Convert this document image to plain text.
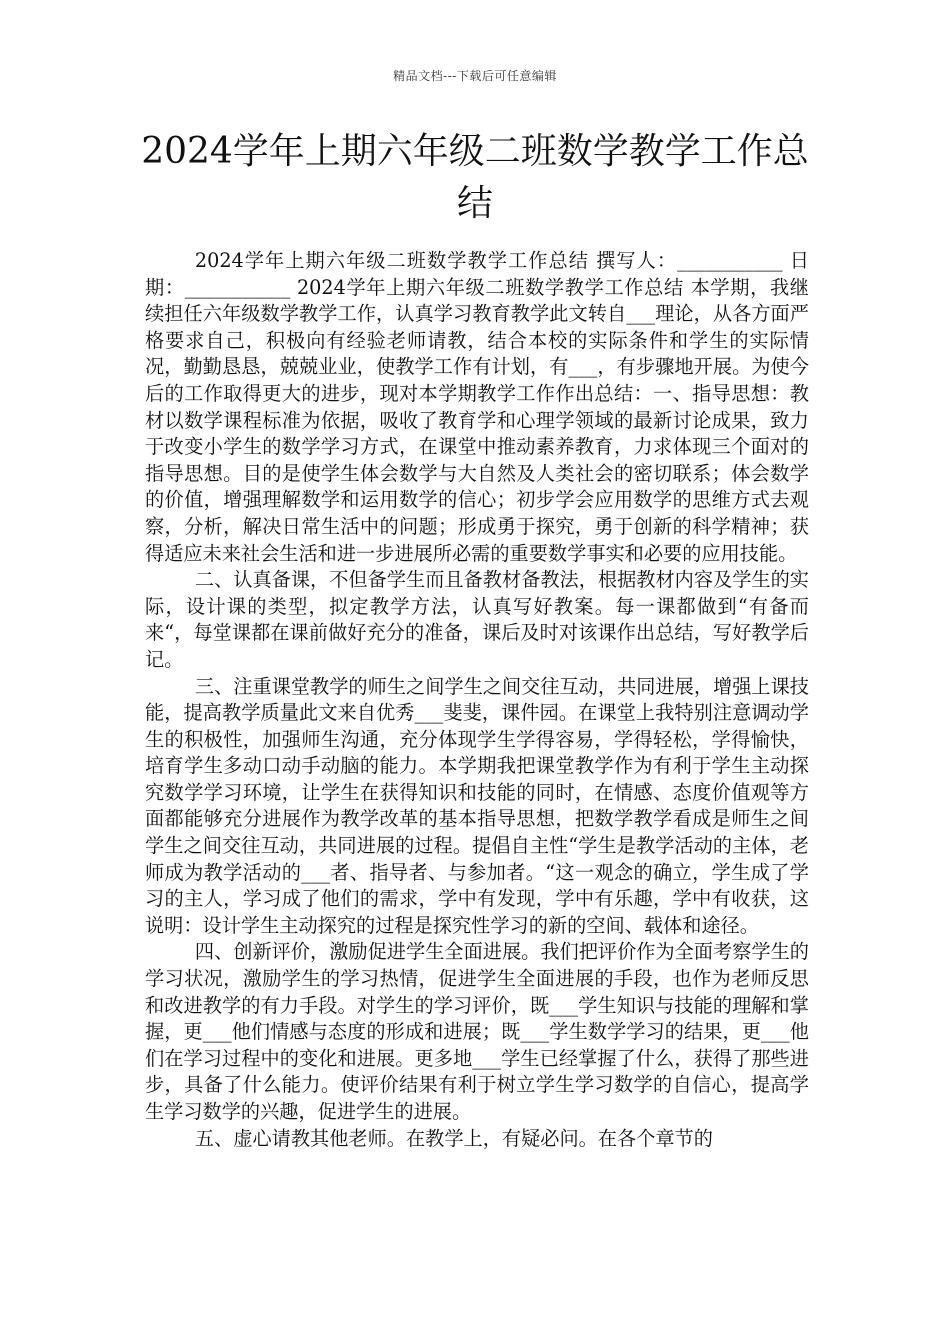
精品文档---下载后可任意编辑
2024学年上期六年级二班数学教学工作总结

2024学年上期六年级二班数学教学工作总结 撰写人：___________ 日 期：___________ 2024学年上期六年级二班数学教学工作总结 本学期，我继续担任六年级数学教学工作，认真学习教育教学此文转自___理论，从各方面严格要求自己，积极向有经验老师请教，结合本校的实际条件和学生的实际情况，勤勤恳恳，兢兢业业，使教学工作有计划，有___，有步骤地开展。为使今后的工作取得更大的进步，现对本学期教学工作作出总结：一、指导思想：教材以数学课程标准为依据，吸收了教育学和心理学领域的最新讨论成果，致力于改变小学生的数学学习方式，在课堂中推动素养教育，力求体现三个面对的指导思想。目的是使学生体会数学与大自然及人类社会的密切联系；体会数学的价值，增强理解数学和运用数学的信心；初步学会应用数学的思维方式去观察，分析，解决日常生活中的问题；形成勇于探究，勇于创新的科学精神；获得适应未来社会生活和进一步进展所必需的重要数学事实和必要的应用技能。

二、认真备课，不但备学生而且备教材备教法，根据教材内容及学生的实际，设计课的类型，拟定教学方法，认真写好教案。每一课都做到“有备而来“，每堂课都在课前做好充分的准备，课后及时对该课作出总结，写好教学后记。

三、注重课堂教学的师生之间学生之间交往互动，共同进展，增强上课技能，提高教学质量此文来自优秀___斐斐，课件园。在课堂上我特别注意调动学生的积极性，加强师生沟通，充分体现学生学得容易，学得轻松，学得愉快，培育学生多动口动手动脑的能力。本学期我把课堂教学作为有利于学生主动探究数学学习环境，让学生在获得知识和技能的同时，在情感、态度价值观等方面都能够充分进展作为教学改革的基本指导思想，把数学教学看成是师生之间学生之间交往互动，共同进展的过程。提倡自主性“学生是教学活动的主体，老师成为教学活动的___者、指导者、与参加者。“这一观念的确立，学生成了学习的主人，学习成了他们的需求，学中有发现，学中有乐趣，学中有收获，这说明：设计学生主动探究的过程是探究性学习的新的空间、载体和途径。

四、创新评价，激励促进学生全面进展。我们把评价作为全面考察学生的学习状况，激励学生的学习热情，促进学生全面进展的手段，也作为老师反思和改进教学的有力手段。对学生的学习评价，既___学生知识与技能的理解和掌握，更___他们情感与态度的形成和进展；既___学生数学学习的结果，更___他们在学习过程中的变化和进展。更多地___学生已经掌握了什么，获得了那些进步，具备了什么能力。使评价结果有利于树立学生学习数学的自信心，提高学生学习数学的兴趣，促进学生的进展。

五、虚心请教其他老师。在教学上，有疑必问。在各个章节的
